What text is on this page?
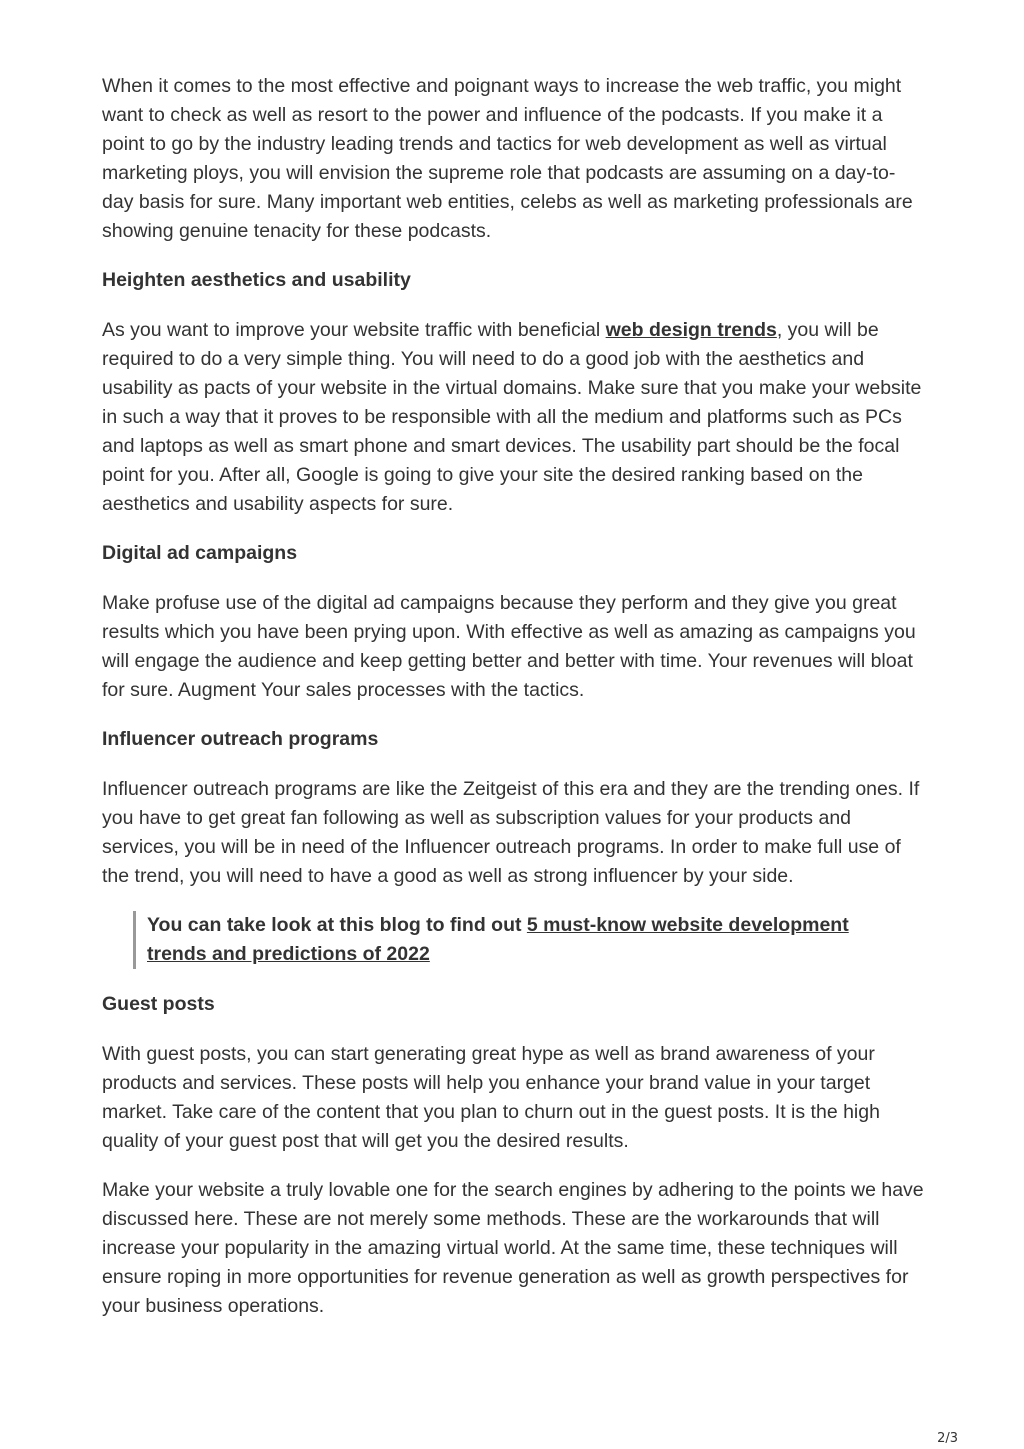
When it comes to the most effective and poignant ways to increase the web traffic, you might want to check as well as resort to the power and influence of the podcasts. If you make it a point to go by the industry leading trends and tactics for web development as well as virtual marketing ploys, you will envision the supreme role that podcasts are assuming on a day-to-day basis for sure. Many important web entities, celebs as well as marketing professionals are showing genuine tenacity for these podcasts.

Heighten aesthetics and usability

As you want to improve your website traffic with beneficial web design trends, you will be required to do a very simple thing. You will need to do a good job with the aesthetics and usability as pacts of your website in the virtual domains. Make sure that you make your website in such a way that it proves to be responsible with all the medium and platforms such as PCs and laptops as well as smart phone and smart devices. The usability part should be the focal point for you. After all, Google is going to give your site the desired ranking based on the aesthetics and usability aspects for sure.

Digital ad campaigns

Make profuse use of the digital ad campaigns because they perform and they give you great results which you have been prying upon. With effective as well as amazing as campaigns you will engage the audience and keep getting better and better with time. Your revenues will bloat for sure. Augment Your sales processes with the tactics.

Influencer outreach programs

Influencer outreach programs are like the Zeitgeist of this era and they are the trending ones. If you have to get great fan following as well as subscription values for your products and services, you will be in need of the Influencer outreach programs. In order to make full use of the trend, you will need to have a good as well as strong influencer by your side.

You can take look at this blog to find out 5 must-know website development trends and predictions of 2022

Guest posts

With guest posts, you can start generating great hype as well as brand awareness of your products and services. These posts will help you enhance your brand value in your target market. Take care of the content that you plan to churn out in the guest posts. It is the high quality of your guest post that will get you the desired results.

Make your website a truly lovable one for the search engines by adhering to the points we have discussed here. These are not merely some methods. These are the workarounds that will increase your popularity in the amazing virtual world. At the same time, these techniques will ensure roping in more opportunities for revenue generation as well as growth perspectives for your business operations.

2/3
